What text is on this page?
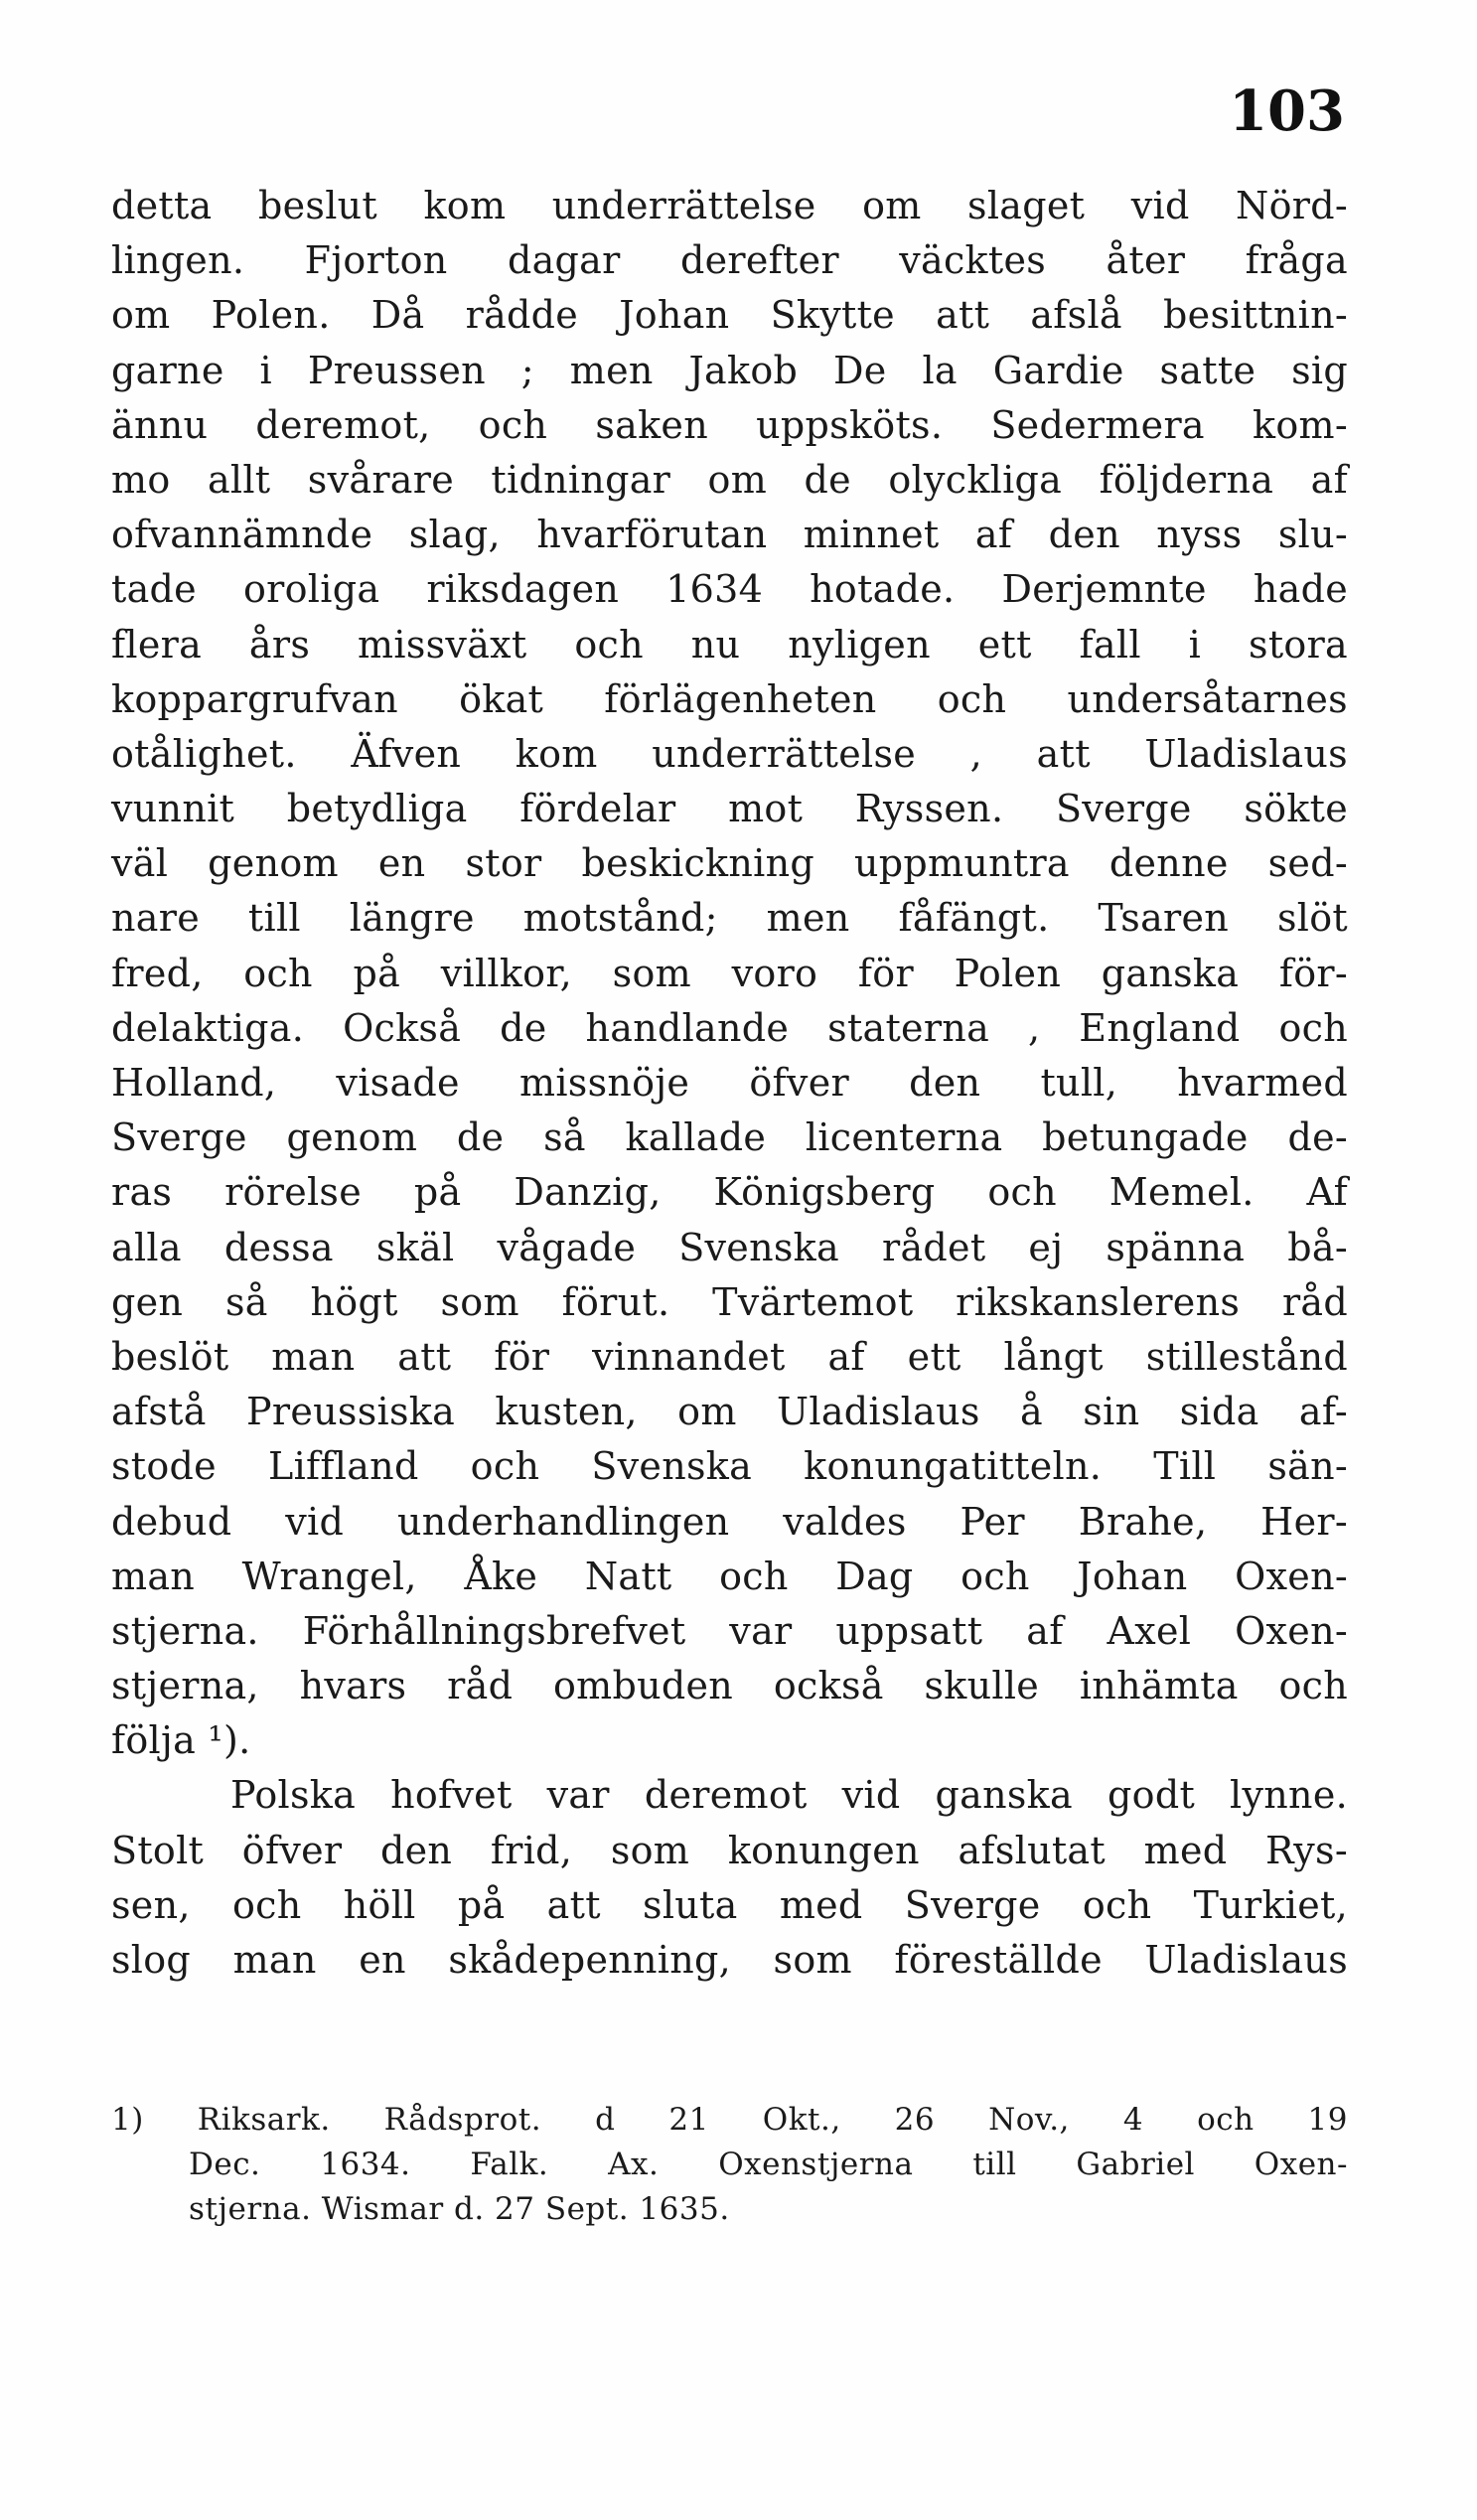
103
detta beslut kom underrättelse om slaget vid Nörd-
lingen. Fjorton dagar derefter väcktes åter fråga
om Polen. Då rådde Johan Skytte att afslå besittnin-
garne i Preussen ; men Jakob De la Gardie satte sig
ännu deremot, och saken uppsköts. Sedermera kom-
mo allt svårare tidningar om de olyckliga följderna af
ofvannämnde slag, hvarförutan minnet af den nyss slu-
tade oroliga riksdagen 1634 hotade. Derjemnte hade
flera års missväxt och nu nyligen ett fall i stora
koppargrufvan ökat förlägenheten och undersåtarnes
otålighet. Äfven kom underrättelse , att Uladislaus
vunnit betydliga fördelar mot Ryssen. Sverge sökte
väl genom en stor beskickning uppmuntra denne sed-
nare till längre motstånd; men fåfängt. Tsaren slöt
fred, och på villkor, som voro för Polen ganska för-
delaktiga. Också de handlande staterna , England och
Holland, visade missnöje öfver den tull, hvarmed
Sverge genom de så kallade licenterna betungade de-
ras rörelse på Danzig, Königsberg och Memel. Af
alla dessa skäl vågade Svenska rådet ej spänna bå-
gen så högt som förut. Tvärtemot rikskanslerens råd
beslöt man att för vinnandet af ett långt stillestånd
afstå Preussiska kusten, om Uladislaus å sin sida af-
stode Liffland och Svenska konungatitteln. Till sän-
debud vid underhandlingen valdes Per Brahe, Her-
man Wrangel, Åke Natt och Dag och Johan Oxen-
stjerna. Förhållningsbrefvet var uppsatt af Axel Oxen-
stjerna, hvars råd ombuden också skulle inhämta och
följa ¹).
Polska hofvet var deremot vid ganska godt lynne.
Stolt öfver den frid, som konungen afslutat med Rys-
sen, och höll på att sluta med Sverge och Turkiet,
slog man en skådepenning, som föreställde Uladislaus
1) Riksark. Rådsprot. d 21 Okt., 26 Nov., 4 och 19
Dec. 1634. Falk. Ax. Oxenstjerna till Gabriel Oxen-
stjerna. Wismar d. 27 Sept. 1635.
